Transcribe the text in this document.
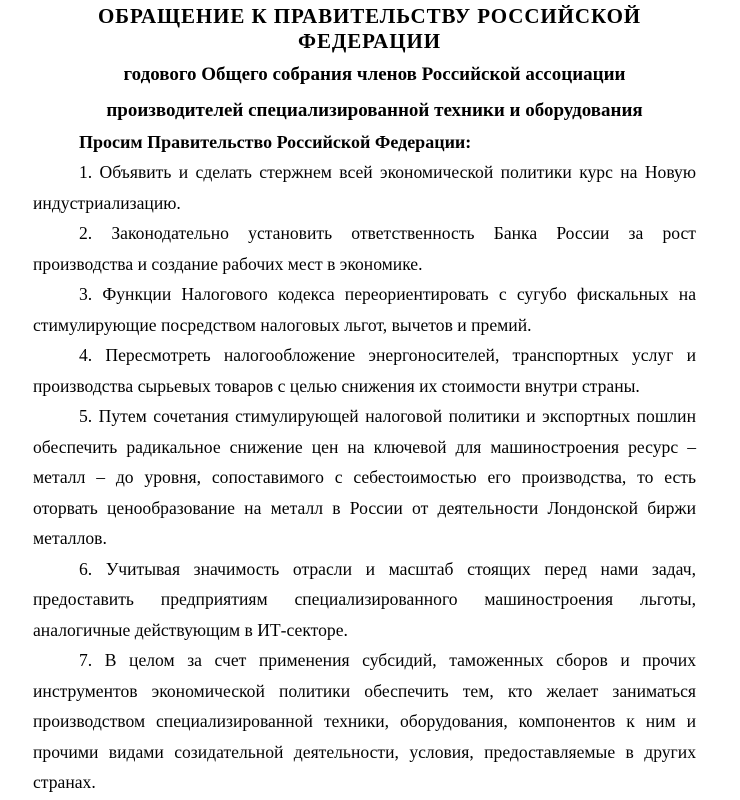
ОБРАЩЕНИЕ К ПРАВИТЕЛЬСТВУ РОССИЙСКОЙ ФЕДЕРАЦИИ

годового Общего собрания членов Российской ассоциации

производителей специализированной техники и оборудования

Просим Правительство Российской Федерации:

1. Объявить и сделать стержнем всей экономической политики курс на Новую индустриализацию.
2. Законодательно установить ответственность Банка России за рост производства и создание рабочих мест в экономике.
3. Функции Налогового кодекса переориентировать с сугубо фискальных на стимулирующие посредством налоговых льгот, вычетов и премий.
4. Пересмотреть налогообложение энергоносителей, транспортных услуг и производства сырьевых товаров с целью снижения их стоимости внутри страны.
5. Путем сочетания стимулирующей налоговой политики и экспортных пошлин обеспечить радикальное снижение цен на ключевой для машиностроения ресурс – металл – до уровня, сопоставимого с себестоимостью его производства, то есть оторвать ценообразование на металл в России от деятельности Лондонской биржи металлов.
6. Учитывая значимость отрасли и масштаб стоящих перед нами задач, предоставить предприятиям специализированного машиностроения льготы, аналогичные действующим в ИТ-секторе.
7. В целом за счет применения субсидий, таможенных сборов и прочих инструментов экономической политики обеспечить тем, кто желает заниматься производством специализированной техники, оборудования, компонентов к ним и прочими видами созидательной деятельности, условия, предоставляемые в других странах.
